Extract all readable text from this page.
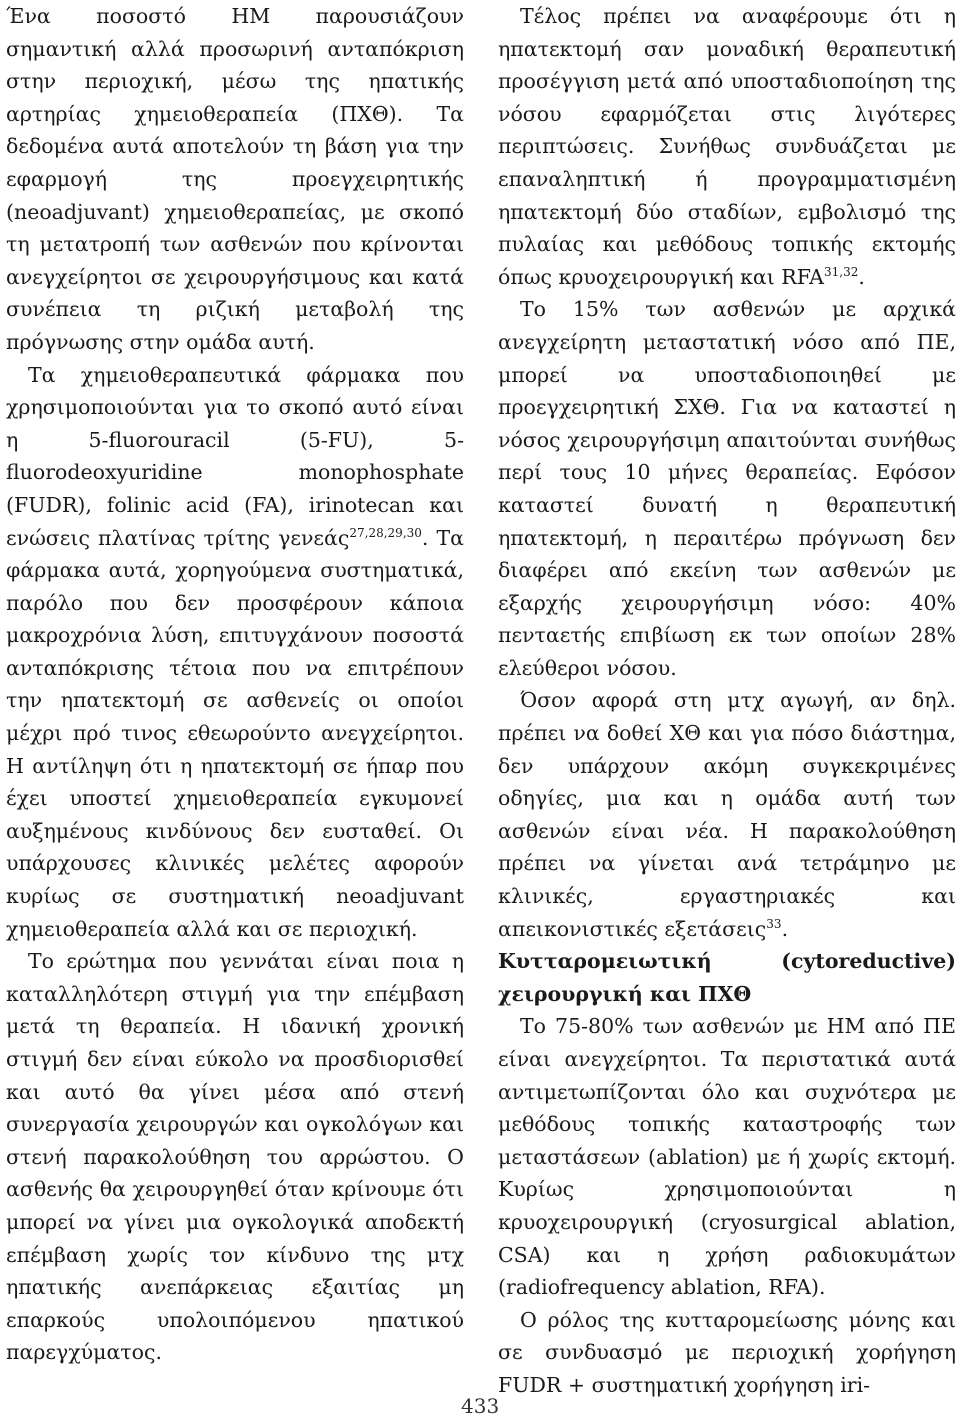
Ένα ποσοστό ΗΜ παρουσιάζουν σημαντική αλλά προσωρινή ανταπόκριση στην περιοχική, μέσω της ηπατικής αρτηρίας χημειοθεραπεία (ΠΧΘ). Τα δεδομένα αυτά αποτελούν τη βάση για την εφαρμογή της προεγχειρητικής (neoadjuvant) χημειοθεραπείας, με σκοπό τη μετατροπή των ασθενών που κρίνονται ανεγχείρητοι σε χειρουργήσιμους και κατά συνέπεια τη ριζική μεταβολή της πρόγνωσης στην ομάδα αυτή.

Τα χημειοθεραπευτικά φάρμακα που χρησιμοποιούνται για το σκοπό αυτό είναι η 5-fluorouracil (5-FU), 5-fluorodeoxyuridine monophosphate (FUDR), folinic acid (FA), irinotecan και ενώσεις πλατίνας τρίτης γενεάς$^{27,28,29,30}$. Τα φάρμακα αυτά, χορηγούμενα συστηματικά, παρόλο που δεν προσφέρουν κάποια μακροχρόνια λύση, επιτυγχάνουν ποσοστά ανταπόκρισης τέτοια που να επιτρέπουν την ηπατεκτομή σε ασθενείς οι οποίοι μέχρι πρό τινος εθεωρούντο ανεγχείρητοι. Η αντίληψη ότι η ηπατεκτομή σε ήπαρ που έχει υποστεί χημειοθεραπεία εγκυμονεί αυξημένους κινδύνους δεν ευσταθεί. Οι υπάρχουσες κλινικές μελέτες αφορούν κυρίως σε συστηματική neoadjuvant χημειοθεραπεία αλλά και σε περιοχική.

Το ερώτημα που γεννάται είναι ποια η καταλληλότερη στιγμή για την επέμβαση μετά τη θεραπεία. Η ιδανική χρονική στιγμή δεν είναι εύκολο να προσδιορισθεί και αυτό θα γίνει μέσα από στενή συνεργασία χειρουργών και ογκολόγων και στενή παρακολούθηση του αρρώστου. Ο ασθενής θα χειρουργηθεί όταν κρίνουμε ότι μπορεί να γίνει μια ογκολογικά αποδεκτή επέμβαση χωρίς τον κίνδυνο της μτχ ηπατικής ανεπάρκειας εξαιτίας μη επαρκούς υπολοιπόμενου ηπατικού παρεγχύματος.

Τέλος πρέπει να αναφέρουμε ότι η ηπατεκτομή σαν μοναδική θεραπευτική προσέγγιση μετά από υποσταδιοποίηση της νόσου εφαρμόζεται στις λιγότερες περιπτώσεις. Συνήθως συνδυάζεται με επαναληπτική ή προγραμματισμένη ηπατεκτομή δύο σταδίων, εμβολισμό της πυλαίας και μεθόδους τοπικής εκτομής όπως κρυοχειρουργική και RFA$^{31,32}$.

Το 15% των ασθενών με αρχικά ανεγχείρητη μεταστατική νόσο από ΠΕ, μπορεί να υποσταδιοποιηθεί με προεγχειρητική ΣΧΘ. Για να καταστεί η νόσος χειρουργήσιμη απαιτούνται συνήθως περί τους 10 μήνες θεραπείας. Εφόσον καταστεί δυνατή η θεραπευτική ηπατεκτομή, η περαιτέρω πρόγνωση δεν διαφέρει από εκείνη των ασθενών με εξαρχής χειρουργήσιμη νόσο: 40% πενταετής επιβίωση εκ των οποίων 28% ελεύθεροι νόσου.

Όσον αφορά στη μτχ αγωγή, αν δηλ. πρέπει να δοθεί ΧΘ και για πόσο διάστημα, δεν υπάρχουν ακόμη συγκεκριμένες οδηγίες, μια και η ομάδα αυτή των ασθενών είναι νέα. Η παρακολούθηση πρέπει να γίνεται ανά τετράμηνο με κλινικές, εργαστηριακές και απεικονιστικές εξετάσεις$^{33}$.

Κυτταρομειωτική (cytoreductive) χειρουργική και ΠΧΘ

Το 75-80% των ασθενών με ΗΜ από ΠΕ είναι ανεγχείρητοι. Τα περιστατικά αυτά αντιμετωπίζονται όλο και συχνότερα με μεθόδους τοπικής καταστροφής των μεταστάσεων (ablation) με ή χωρίς εκτομή. Κυρίως χρησιμοποιούνται η κρυοχειρουργική (cryosurgical ablation, CSA) και η χρήση ραδιοκυμάτων (radiofrequency ablation, RFA).

Ο ρόλος της κυτταρομείωσης μόνης και σε συνδυασμό με περιοχική χορήγηση FUDR + συστηματική χορήγηση iri-

433
